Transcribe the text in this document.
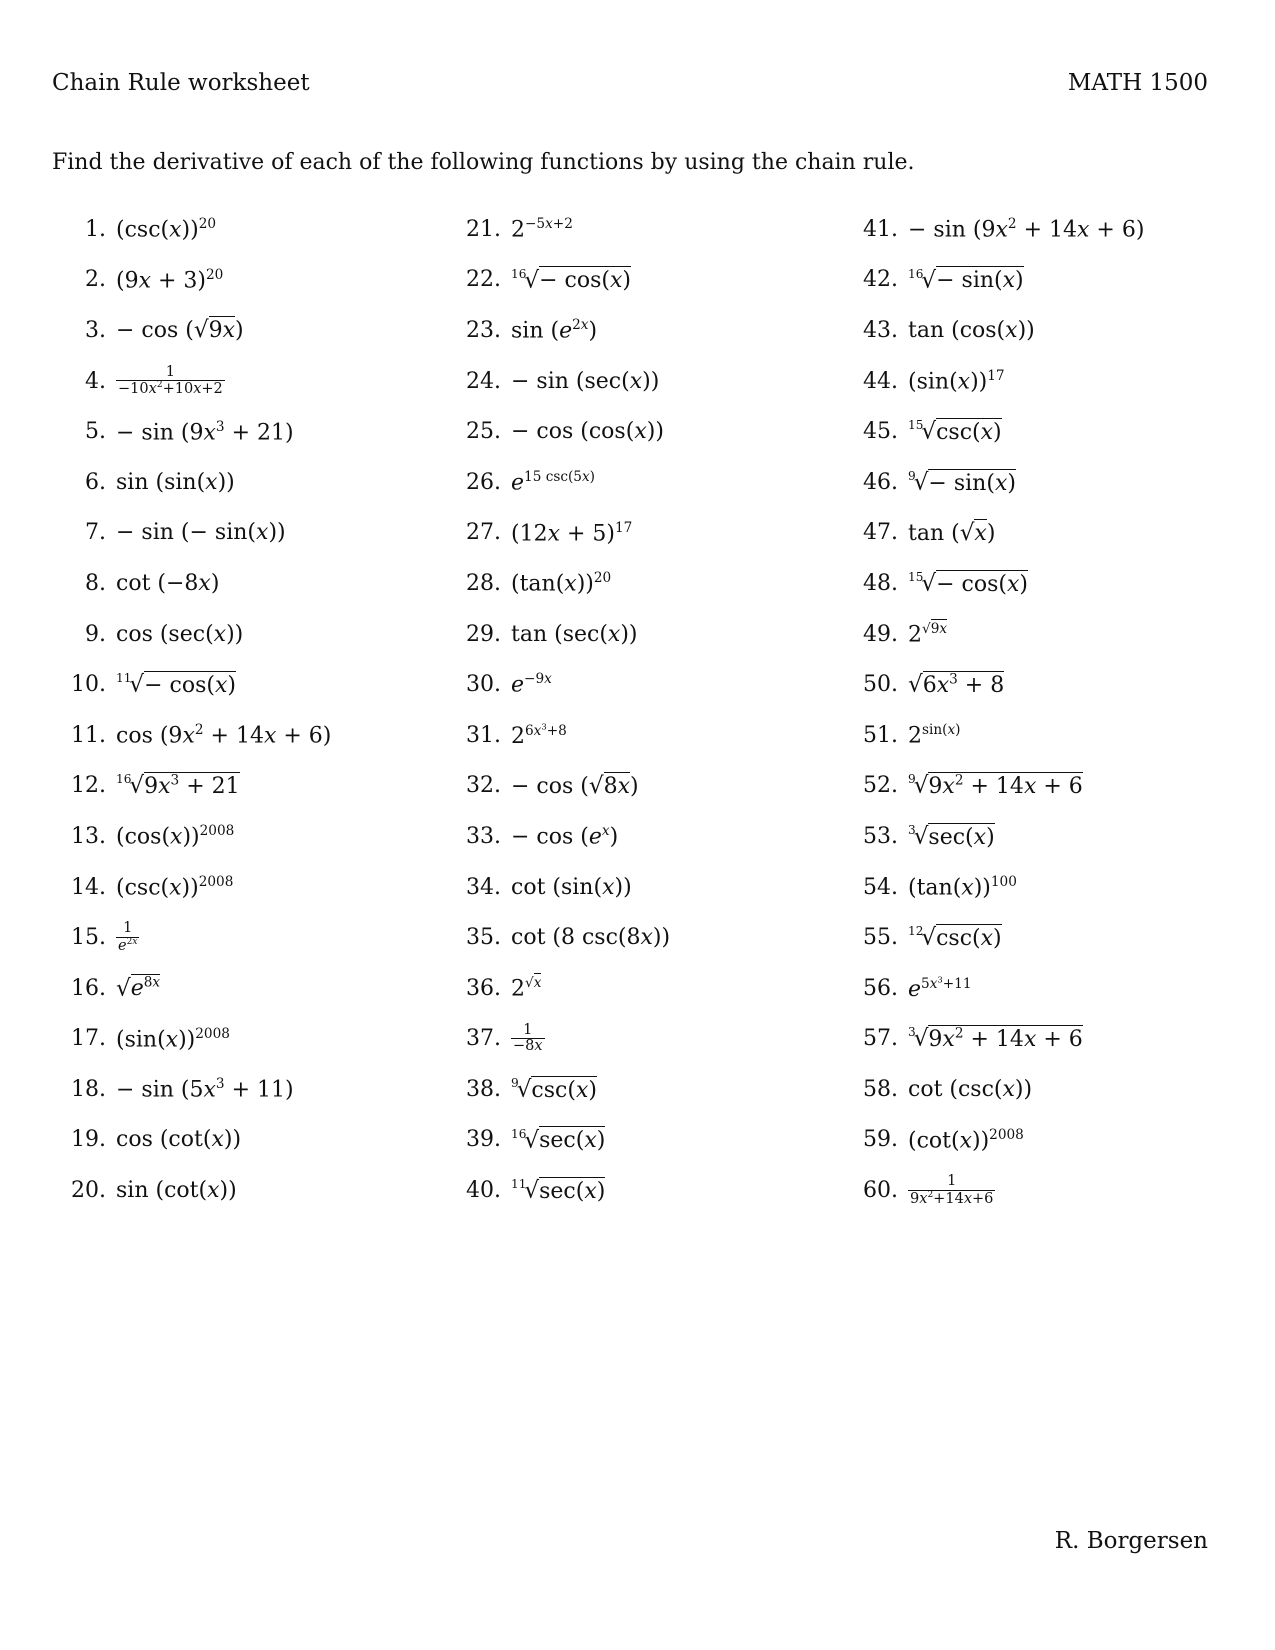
Chain Rule worksheet	MATH 1500
Find the derivative of each of the following functions by using the chain rule.
1. $(\csc(x))^{20}$
2. $(9x + 3)^{20}$
3. − cos (√9x)
4. $\frac{1}{-10x^2+10x+2}$
5. − $\sin (9x^3 + 21)$
6. sin (sin(x))
7. − sin (− sin(x))
8. cot (−8x)
9. cos (sec(x))
10. $^{11}$√− cos(x)
11. $\cos (9x^2 + 14x + 6)$
12. $^{16}√9x^3 + 21$
13. $(\cos(x))^{2008}$
14. $(\csc(x))^{2008}$
15. $\frac{1}{e^{2x}}$
16. $√e^{8x}$
17. $(\sin(x))^{2008}$
18. − $\sin (5x^3 + 11)$
19. cos (cot(x))
20. sin (cot(x))
21. $2^{-5x+2}$
22. $^{16}$√− cos(x)
23. $\sin (e^{2x})$
24. − sin (sec(x))
25. − cos (cos(x))
26. $e^{15 csc(5x)}$
27. $(12x + 5)^{17}$
28. $(\tan(x))^{20}$
29. tan (sec(x))
30. $e^{-9x}$
31. $2^{6x^3+8}$
32. − cos (√8x)
33. − $\cos (e^x)$
34. cot (sin(x))
35. cot (8 csc(8x))
36. $2^{√x}$
37. $\frac{1}{-8x}$
38. $^9$√csc(x)
39. $^{16}$√sec(x)
40. $^{11}$√sec(x)
41. − $\sin (9x^2 + 14x + 6)$
42. $^{16}$√− sin(x)
43. tan (cos(x))
44. $(\sin(x))^{17}$
45. $^{15}$√csc(x)
46. $^9$√− sin(x)
47. tan (√x)
48. $^{15}$√− cos(x)
49. $2^{√9x}$
50. $√6x^3 + 8$
51. $2^{sin(x)}$
52. $^9√9x^2 + 14x + 6$
53. $^3$√sec(x)
54. $(\tan(x))^{100}$
55. $^{12}$√csc(x)
56. $e^{5x^3+11}$
57. $^3√9x^2 + 14x + 6$
58. cot (csc(x))
59. $(\cot(x))^{2008}$
60. $\frac{1}{9x^2+14x+6}$
R. Borgersen
